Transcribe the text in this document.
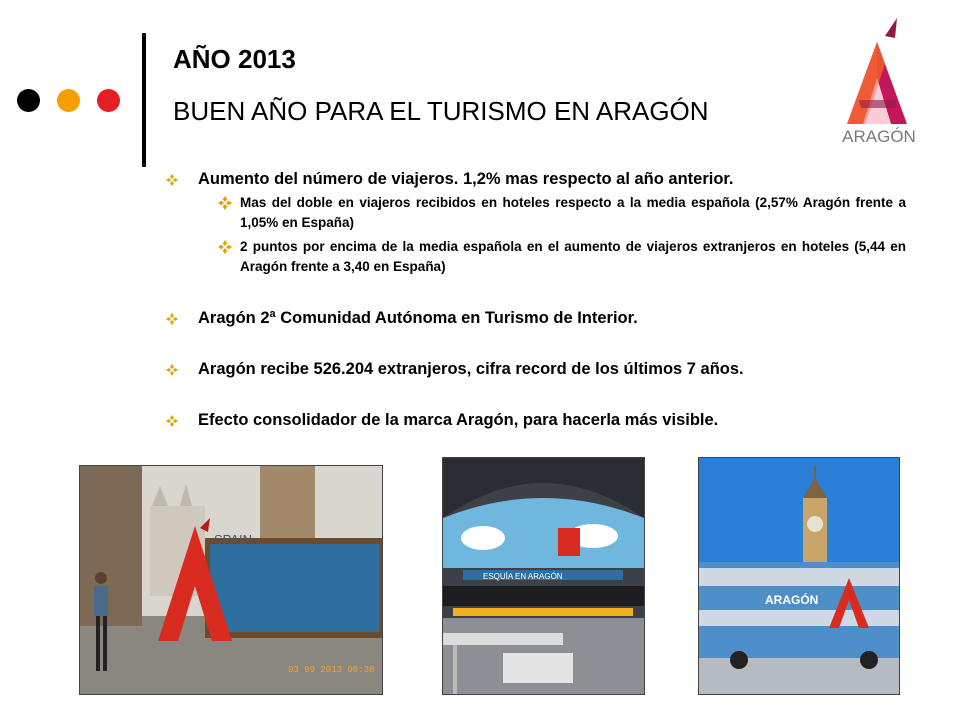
AÑO 2013
BUEN AÑO PARA EL TURISMO EN ARAGÓN
ARAGÓN
Aumento del número de viajeros. 1,2% mas respecto al año anterior.
Mas del doble en viajeros recibidos en hoteles respecto a la media española (2,57% Aragón frente a 1,05% en España)
2 puntos por encima de la media española en el aumento de viajeros extranjeros en hoteles (5,44 en Aragón frente a 3,40 en España)
Aragón 2ª Comunidad Autónoma en Turismo de Interior.
Aragón recibe 526.204 extranjeros, cifra record de los últimos 7 años.
Efecto consolidador de la marca Aragón, para hacerla más visible.
SPAIN
03 09 2013 08:38
ESQUÍA EN ARAGÓN
ARAGÓN
